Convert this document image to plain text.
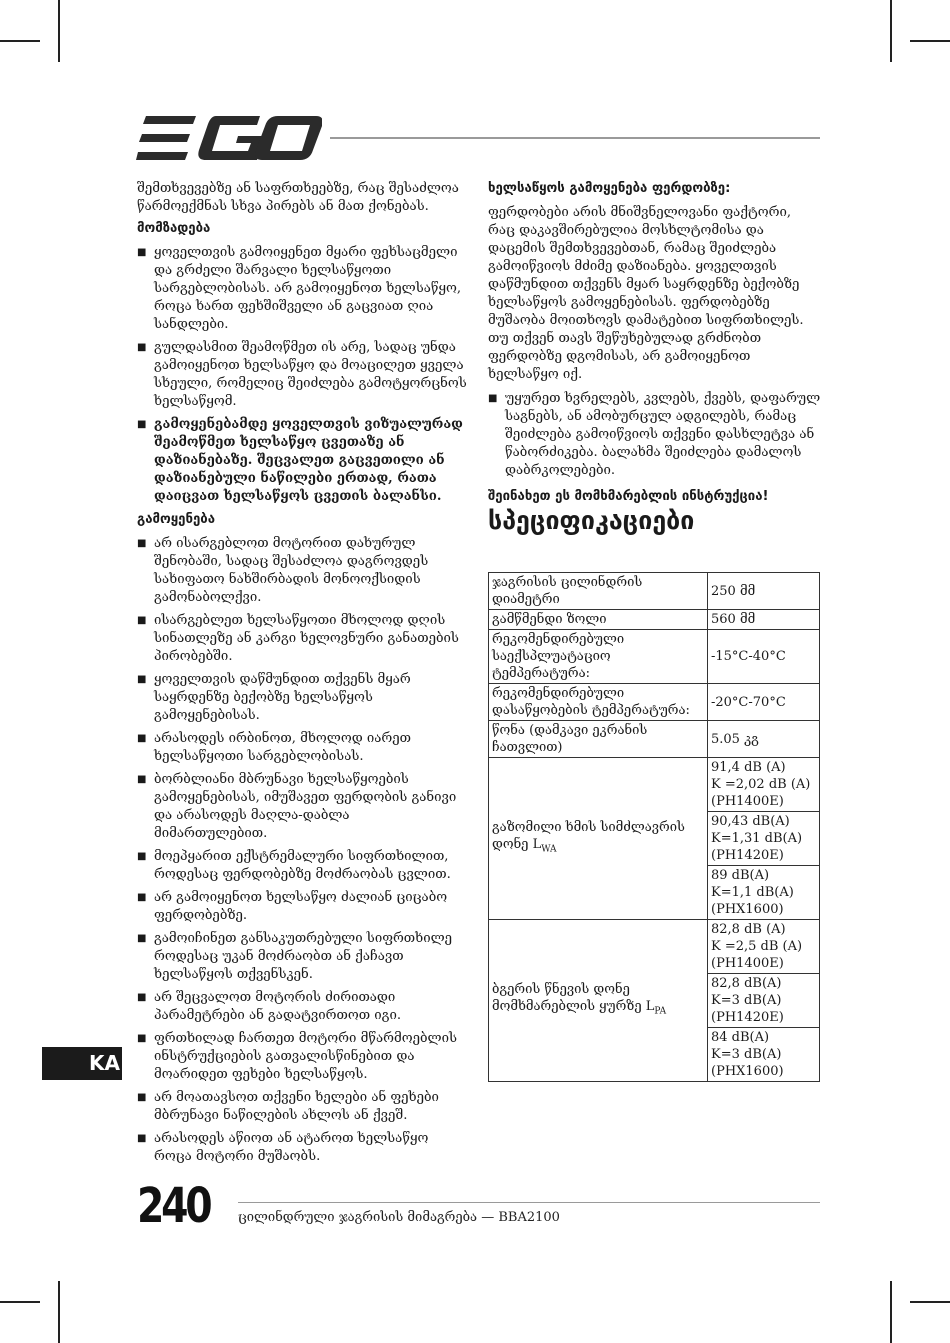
შემთხვევებზე ან საფრთხეებზე, რაც შესაძლოა წარმოექმნას სხვა პირებს ან მათ ქონებას.

მომზადება
■ ყოველთვის გამოიყენეთ მყარი ფეხსაცმელი და გრძელი შარვალი ხელსაწყოთი სარგებლობისას. არ გამოიყენოთ ხელსაწყო, როცა ხართ ფეხშიშველი ან გაცვიათ ღია სანდლები.
■ გულდასმით შეამოწმეთ ის არე, სადაც უნდა გამოიყენოთ ხელსაწყო და მოაცილეთ ყველა სხეული, რომელიც შეიძლება გამოტყორცნოს ხელსაწყომ.
■ გამოყენებამდე ყოველთვის ვიზუალურად შეამოწმეთ ხელსაწყო ცვეთაზე ან დაზიანებაზე. შეცვალეთ გაცვეთილი ან დაზიანებული ნაწილები ერთად, რათა დაიცვათ ხელსაწყოს ცვეთის ბალანსი.
გამოყენება
■ არ ისარგებლოთ მოტორით დახურულ შენობაში, სადაც შესაძლოა დაგროვდეს სახიფათო ნახშირბადის მონოოქსიდის გამონაბოლქვი.
■ ისარგებლეთ ხელსაწყოთი მხოლოდ დღის სინათლეზე ან კარგი ხელოვნური განათების პირობებში.
■ ყოველთვის დაწმუნდით თქვენს მყარ საყრდენზე ბექობზე ხელსაწყოს გამოყენებისას.
■ არასოდეს ირბინოთ, მხოლოდ იარეთ ხელსაწყოთი სარგებლობისას.
■ ბორბლიანი მბრუნავი ხელსაწყოების გამოყენებისას, იმუშავეთ ფერდობის განივი და არასოდეს მაღლა-დაბლა მიმართულებით.
■ მოეპყარით ექსტრემალური სიფრთხილით, როდესაც ფერდობებზე მოძრაობას ცვლით.
■ არ გამოიყენოთ ხელსაწყო ძალიან ციცაბო ფერდობებზე.
■ გამოიჩინეთ განსაკუთრებული სიფრთხილე როდესაც უკან მოძრაობთ ან ქაჩავთ ხელსაწყოს თქვენსკენ.
■ არ შეცვალოთ მოტორის ძირითადი პარამეტრები ან გადატვირთოთ იგი.
■ ფრთხილად ჩართეთ მოტორი მწარმოებლის ინსტრუქციების გათვალისწინებით და მოარიდეთ ფეხები ხელსაწყოს.
■ არ მოათავსოთ თქვენი ხელები ან ფეხები მბრუნავი ნაწილების ახლოს ან ქვეშ.
■ არასოდეს აწიოთ ან ატაროთ ხელსაწყო როცა მოტორი მუშაობს.
ხელსაწყოს გამოყენება ფერდობზე:

ფერდობები არის მნიშვნელოვანი ფაქტორი, რაც დაკავშირებულია მოსხლტომისა და დაცემის შემთხვევებთან, რამაც შეიძლება გამოიწვიოს მძიმე დაზიანება. ყოველთვის დაწმუნდით თქვენს მყარ საყრდენზე ბექობზე ხელსაწყოს გამოყენებისას. ფერდობებზე მუშაობა მოითხოვს დამატებით სიფრთხილეს. თუ თქვენ თავს შეწუხებულად გრძნობთ ფერდობზე დგომისას, არ გამოიყენოთ ხელსაწყო იქ.

■ უყურეთ ხვრელებს, კვლებს, ქვებს, დაფარულ საგნებს, ან ამობურცულ ადგილებს, რამაც შეიძლება გამოიწვიოს თქვენი დასხლეტვა ან წაბორძიკება. ბალახმა შეიძლება დამალოს დაბრკოლებები.
შეინახეთ ეს მომხმარებლის ინსტრუქცია!
სპეციფიკაციები
ჯაგრისის ცილინდრის დიამეტრი	250 მმ
გამწმენდი ზოლი	560 მმ
რეკომენდირებული საექსპლუატაციო ტემპერატურა:	-15°C-40°C
რეკომენდირებული დასაწყობების ტემპერატურა:	-20°C-70°C
წონა (დამკავი ეკრანის ჩათვლით)	5.05 კგ
გაზომილი ხმის სიმძლავრის დონე $L_{WA}$	91,4 dB (A)
K =2,02 dB (A)
(PH1400E)

	90,43 dB(A)
K=1,31 dB(A)
(PH1420E)

	89 dB(A)
K=1,1 dB(A)
(PHX1600)

ბგერის წნევის დონე მომხმარებლის ყურზე $L_{PA}$	82,8 dB (A)
K =2,5 dB (A)
(PH1400E)

	82,8 dB(A)
K=3 dB(A)
(PH1420E)

	84 dB(A)
K=3 dB(A)
(PHX1600)
KA
240 ცილინდრული ჯაგრისის მიმაგრება — BBA2100
